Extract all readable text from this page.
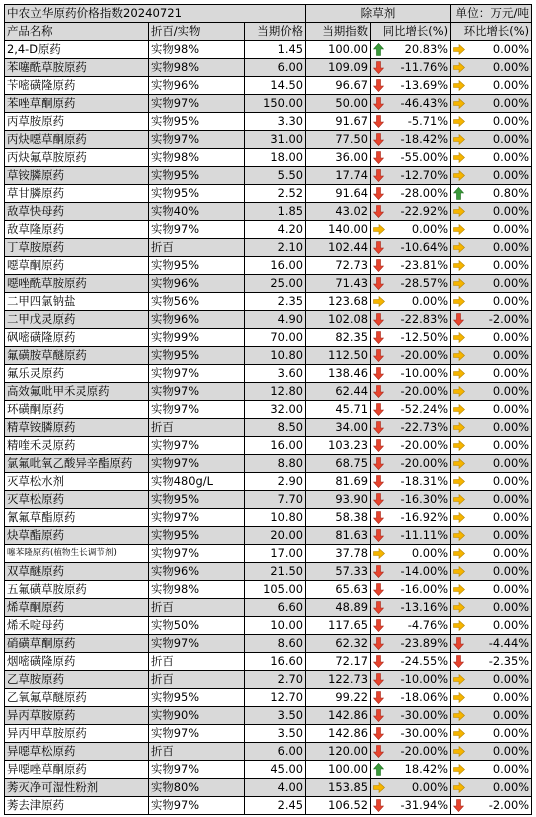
中农立华原药价格指数20240721			除草剂		单位：万元/吨
产品名称	折百/实物	当期价格	当期指数	同比增长(%)	环比增长(%)
2,4-D原药	实物98%	1.45	100.00	20.83%	0.00%

苯噻酰草胺原药	实物98%	6.00	109.09	-11.76%	0.00%

苄嘧磺隆原药	实物96%	14.50	96.67	-13.69%	0.00%

苯唑草酮原药	实物97%	150.00	50.00	-46.43%	0.00%

丙草胺原药	实物95%	3.30	91.67	-5.71%	0.00%

丙炔噁草酮原药	实物97%	31.00	77.50	-18.42%	0.00%

丙炔氟草胺原药	实物98%	18.00	36.00	-55.00%	0.00%

草铵膦原药	实物95%	5.50	17.74	-12.70%	0.00%

草甘膦原药	实物95%	2.52	91.64	-28.00%	0.80%

敌草快母药	实物40%	1.85	43.02	-22.92%	0.00%

敌草隆原药	实物97%	4.20	140.00	0.00%	0.00%

丁草胺原药	折百	2.10	102.44	-10.64%	0.00%

噁草酮原药	实物95%	16.00	72.73	-23.81%	0.00%

噁唑酰草胺原药	实物96%	25.00	71.43	-28.57%	0.00%

二甲四氯钠盐	实物56%	2.35	123.68	0.00%	0.00%

二甲戊灵原药	实物96%	4.90	102.08	-22.83%	-2.00%

砜嘧磺隆原药	实物99%	70.00	82.35	-12.50%	0.00%

氟磺胺草醚原药	实物95%	10.80	112.50	-20.00%	0.00%

氟乐灵原药	实物97%	3.60	138.46	-10.00%	0.00%

高效氟吡甲禾灵原药	实物97%	12.80	62.44	-20.00%	0.00%

环磺酮原药	实物97%	32.00	45.71	-52.24%	0.00%

精草铵膦原药	折百	8.50	34.00	-22.73%	0.00%

精喹禾灵原药	实物97%	16.00	103.23	-20.00%	0.00%

氯氟吡氧乙酸异辛酯原药	实物97%	8.80	68.75	-20.00%	0.00%

灭草松水剂	实物480g/L	2.90	81.69	-18.31%	0.00%

灭草松原药	实物95%	7.70	93.90	-16.30%	0.00%

氰氟草酯原药	实物97%	10.80	58.38	-16.92%	0.00%

炔草酯原药	实物95%	20.00	81.63	-11.11%	0.00%

噻苯隆原药(植物生长调节剂)	实物97%	17.00	37.78	0.00%	0.00%

双草醚原药	实物96%	21.50	57.33	-14.00%	0.00%

五氟磺草胺原药	实物98%	105.00	65.63	-16.00%	0.00%

烯草酮原药	折百	6.60	48.89	-13.16%	0.00%

烯禾啶母药	实物50%	10.00	117.65	-4.76%	0.00%

硝磺草酮原药	实物97%	8.60	62.32	-23.89%	-4.44%

烟嘧磺隆原药	折百	16.60	72.17	-24.55%	-2.35%

乙草胺原药	折百	2.70	122.73	-10.00%	0.00%

乙氧氟草醚原药	实物95%	12.70	99.22	-18.06%	0.00%

异丙草胺原药	实物90%	3.50	142.86	-30.00%	0.00%

异丙甲草胺原药	实物97%	3.50	142.86	-30.00%	0.00%

异噁草松原药	折百	6.00	120.00	-20.00%	0.00%

异噁唑草酮原药	实物97%	45.00	100.00	18.42%	0.00%

莠灭净可湿性粉剂	实物80%	4.00	153.85	0.00%	0.00%

莠去津原药	实物97%	2.45	106.52	-31.94%	-2.00%
